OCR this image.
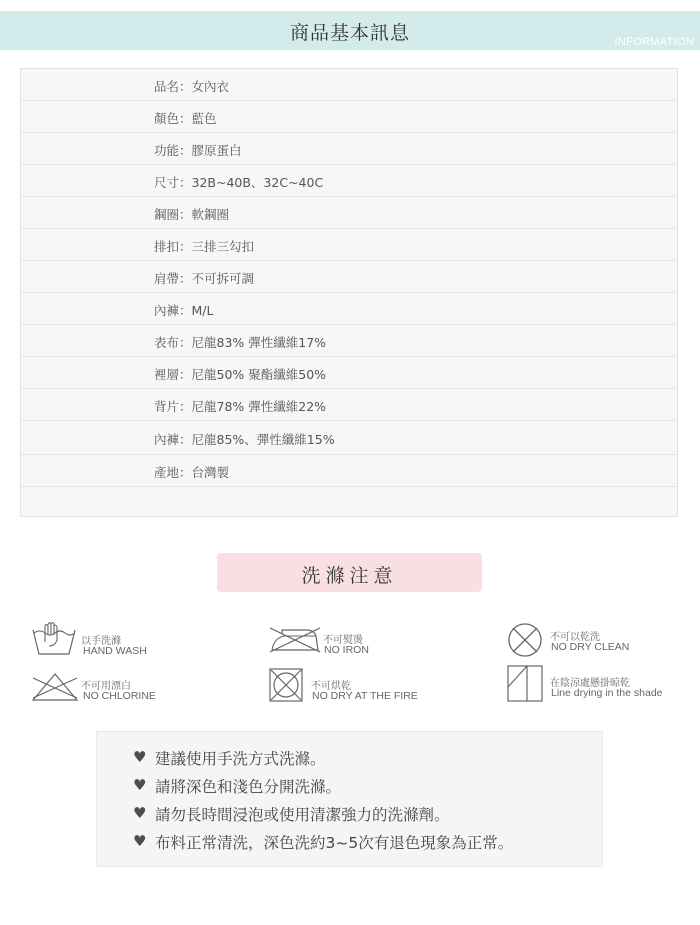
商品基本訊息	INFORMATION
品名：女內衣
顏色：藍色
功能：膠原蛋白
尺寸：32B~40B、32C~40C
鋼圈：軟鋼圈
排扣：三排三勾扣
肩帶：不可拆可調
內褲：M/L
表布：尼龍83% 彈性纖維17%
裡層：尼龍50% 聚酯纖維50%
背片：尼龍78% 彈性纖維22%
內褲：尼龍85%、彈性纖維15%
產地：台灣製
洗滌注意
以手洗滌
HAND WASH
不可熨燙
NO IRON
不可以乾洗
NO DRY CLEAN
不可用漂白
NO CHLORINE
不可烘乾
NO DRY AT THE FIRE
在陰涼處懸掛晾乾
Line drying in the shade
♥ 建議使用手洗方式洗滌。
♥ 請將深色和淺色分開洗滌。
♥ 請勿長時間浸泡或使用清潔強力的洗滌劑。
♥ 布料正常清洗，深色洗約3~5次有退色現象為正常。
